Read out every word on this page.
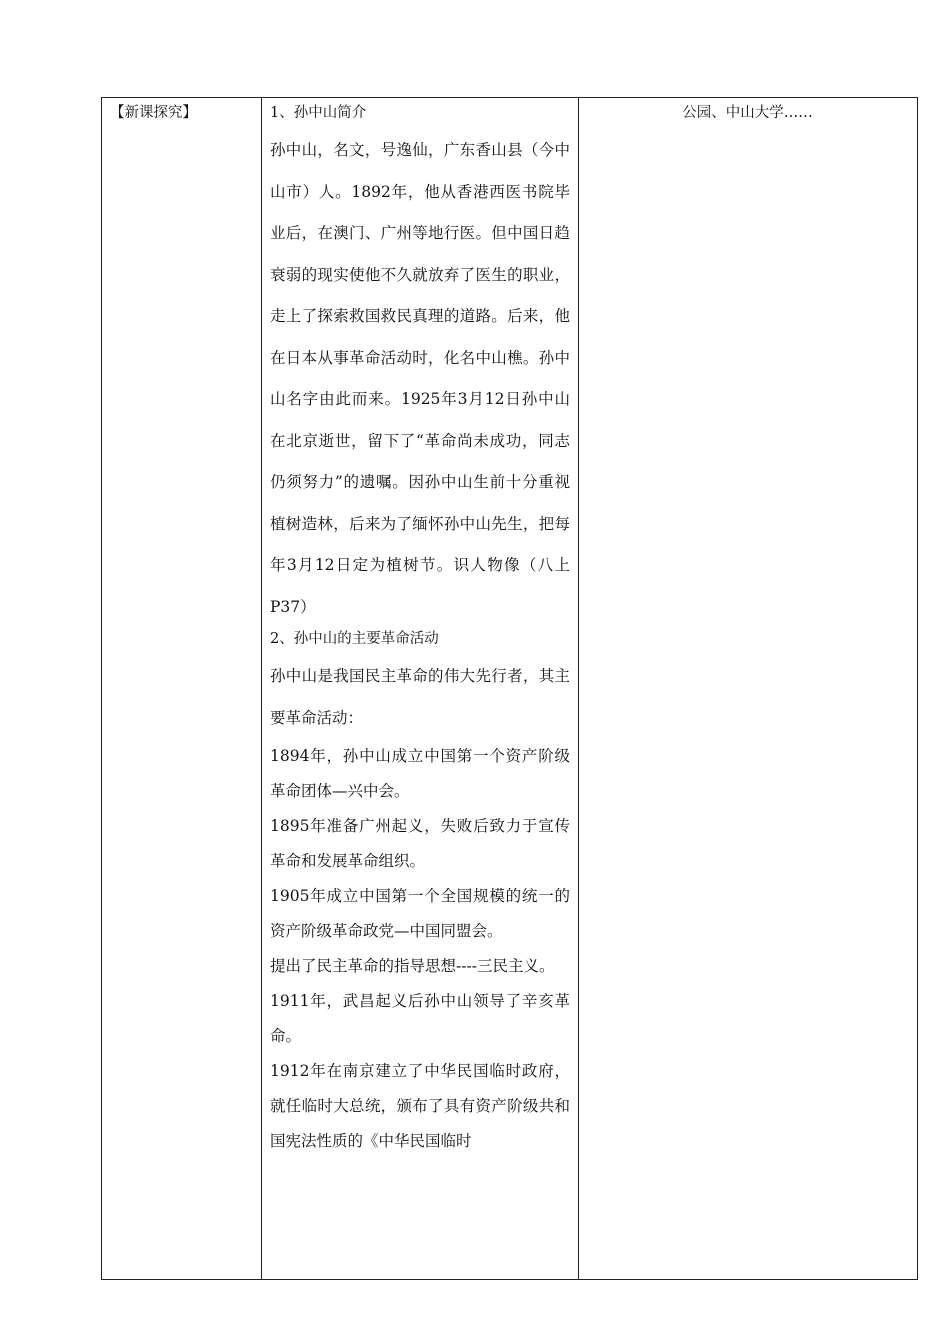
【新课探究】	1、孙中山简介

孙中山，名文，号逸仙，广东香山县（今中山市）人。1892年，他从香港西医书院毕业后，在澳门、广州等地行医。但中国日趋衰弱的现实使他不久就放弃了医生的职业，走上了探索救国救民真理的道路。后来，他在日本从事革命活动时，化名中山樵。孙中山名字由此而来。1925年3月12日孙中山在北京逝世，留下了“革命尚未成功，同志仍须努力”的遗嘱。因孙中山生前十分重视植树造林，后来为了缅怀孙中山先生，把每年3月12日定为植树节。识人物像（八上P37）

2、孙中山的主要革命活动

孙中山是我国民主革命的伟大先行者，其主要革命活动：

1894年，孙中山成立中国第一个资产阶级革命团体—兴中会。

1895年准备广州起义，失败后致力于宣传革命和发展革命组织。

1905年成立中国第一个全国规模的统一的资产阶级革命政党—中国同盟会。

提出了民主革命的指导思想----三民主义。

1911年，武昌起义后孙中山领导了辛亥革命。

1912年在南京建立了中华民国临时政府，就任临时大总统，颁布了具有资产阶级共和国宪法性质的《中华民国临时

公园、中山大学……
